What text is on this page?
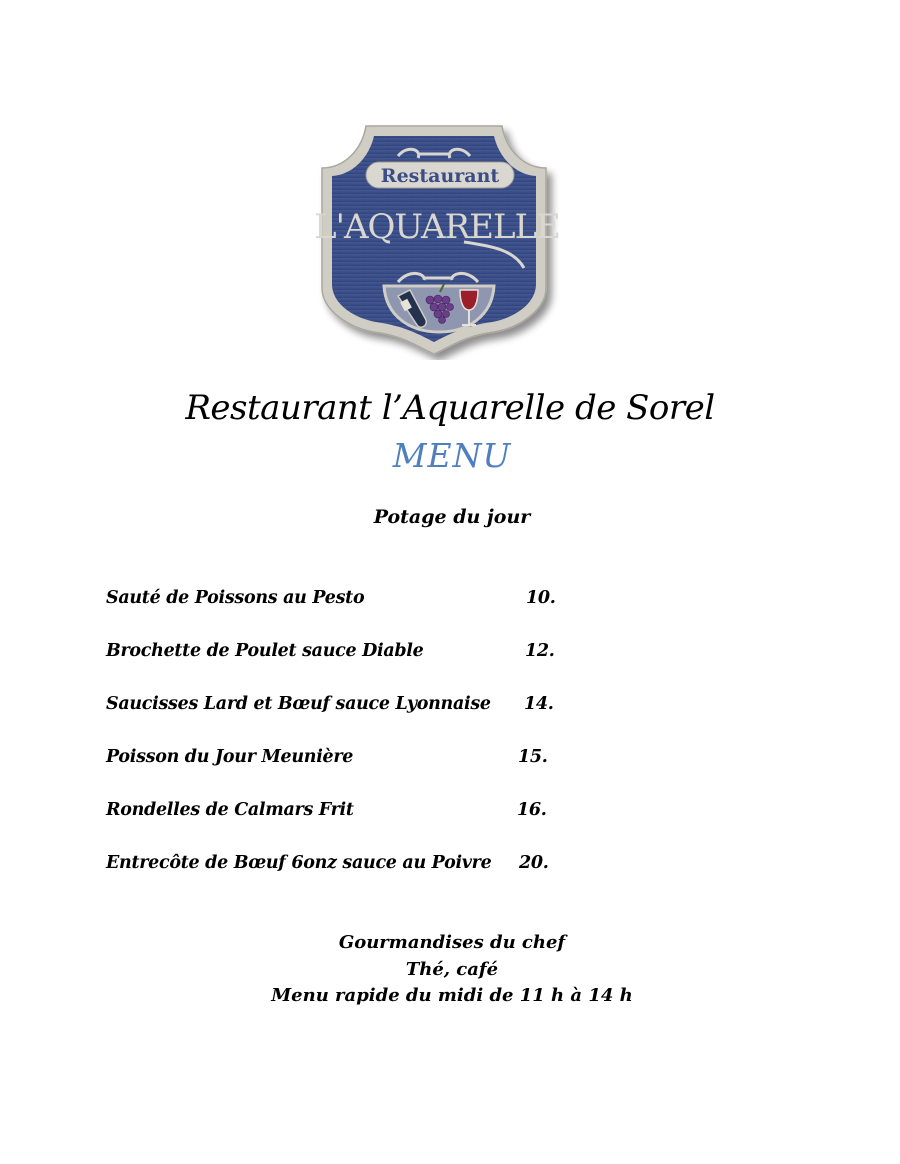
Restaurant
L'AQUARELLE
Restaurant l’Aquarelle de Sorel
MENU
Potage du jour
Sauté de Poissons au Pesto	10.
Brochette de Poulet sauce Diable	12.
Saucisses Lard et Bœuf sauce Lyonnaise 14.
Poisson du Jour Meunière	15.
Rondelles de Calmars Frit	16.
Entrecôte de Bœuf 6onz sauce au Poivre 20.
Gourmandises du chef
Thé, café
Menu rapide du midi de 11 h à 14 h
